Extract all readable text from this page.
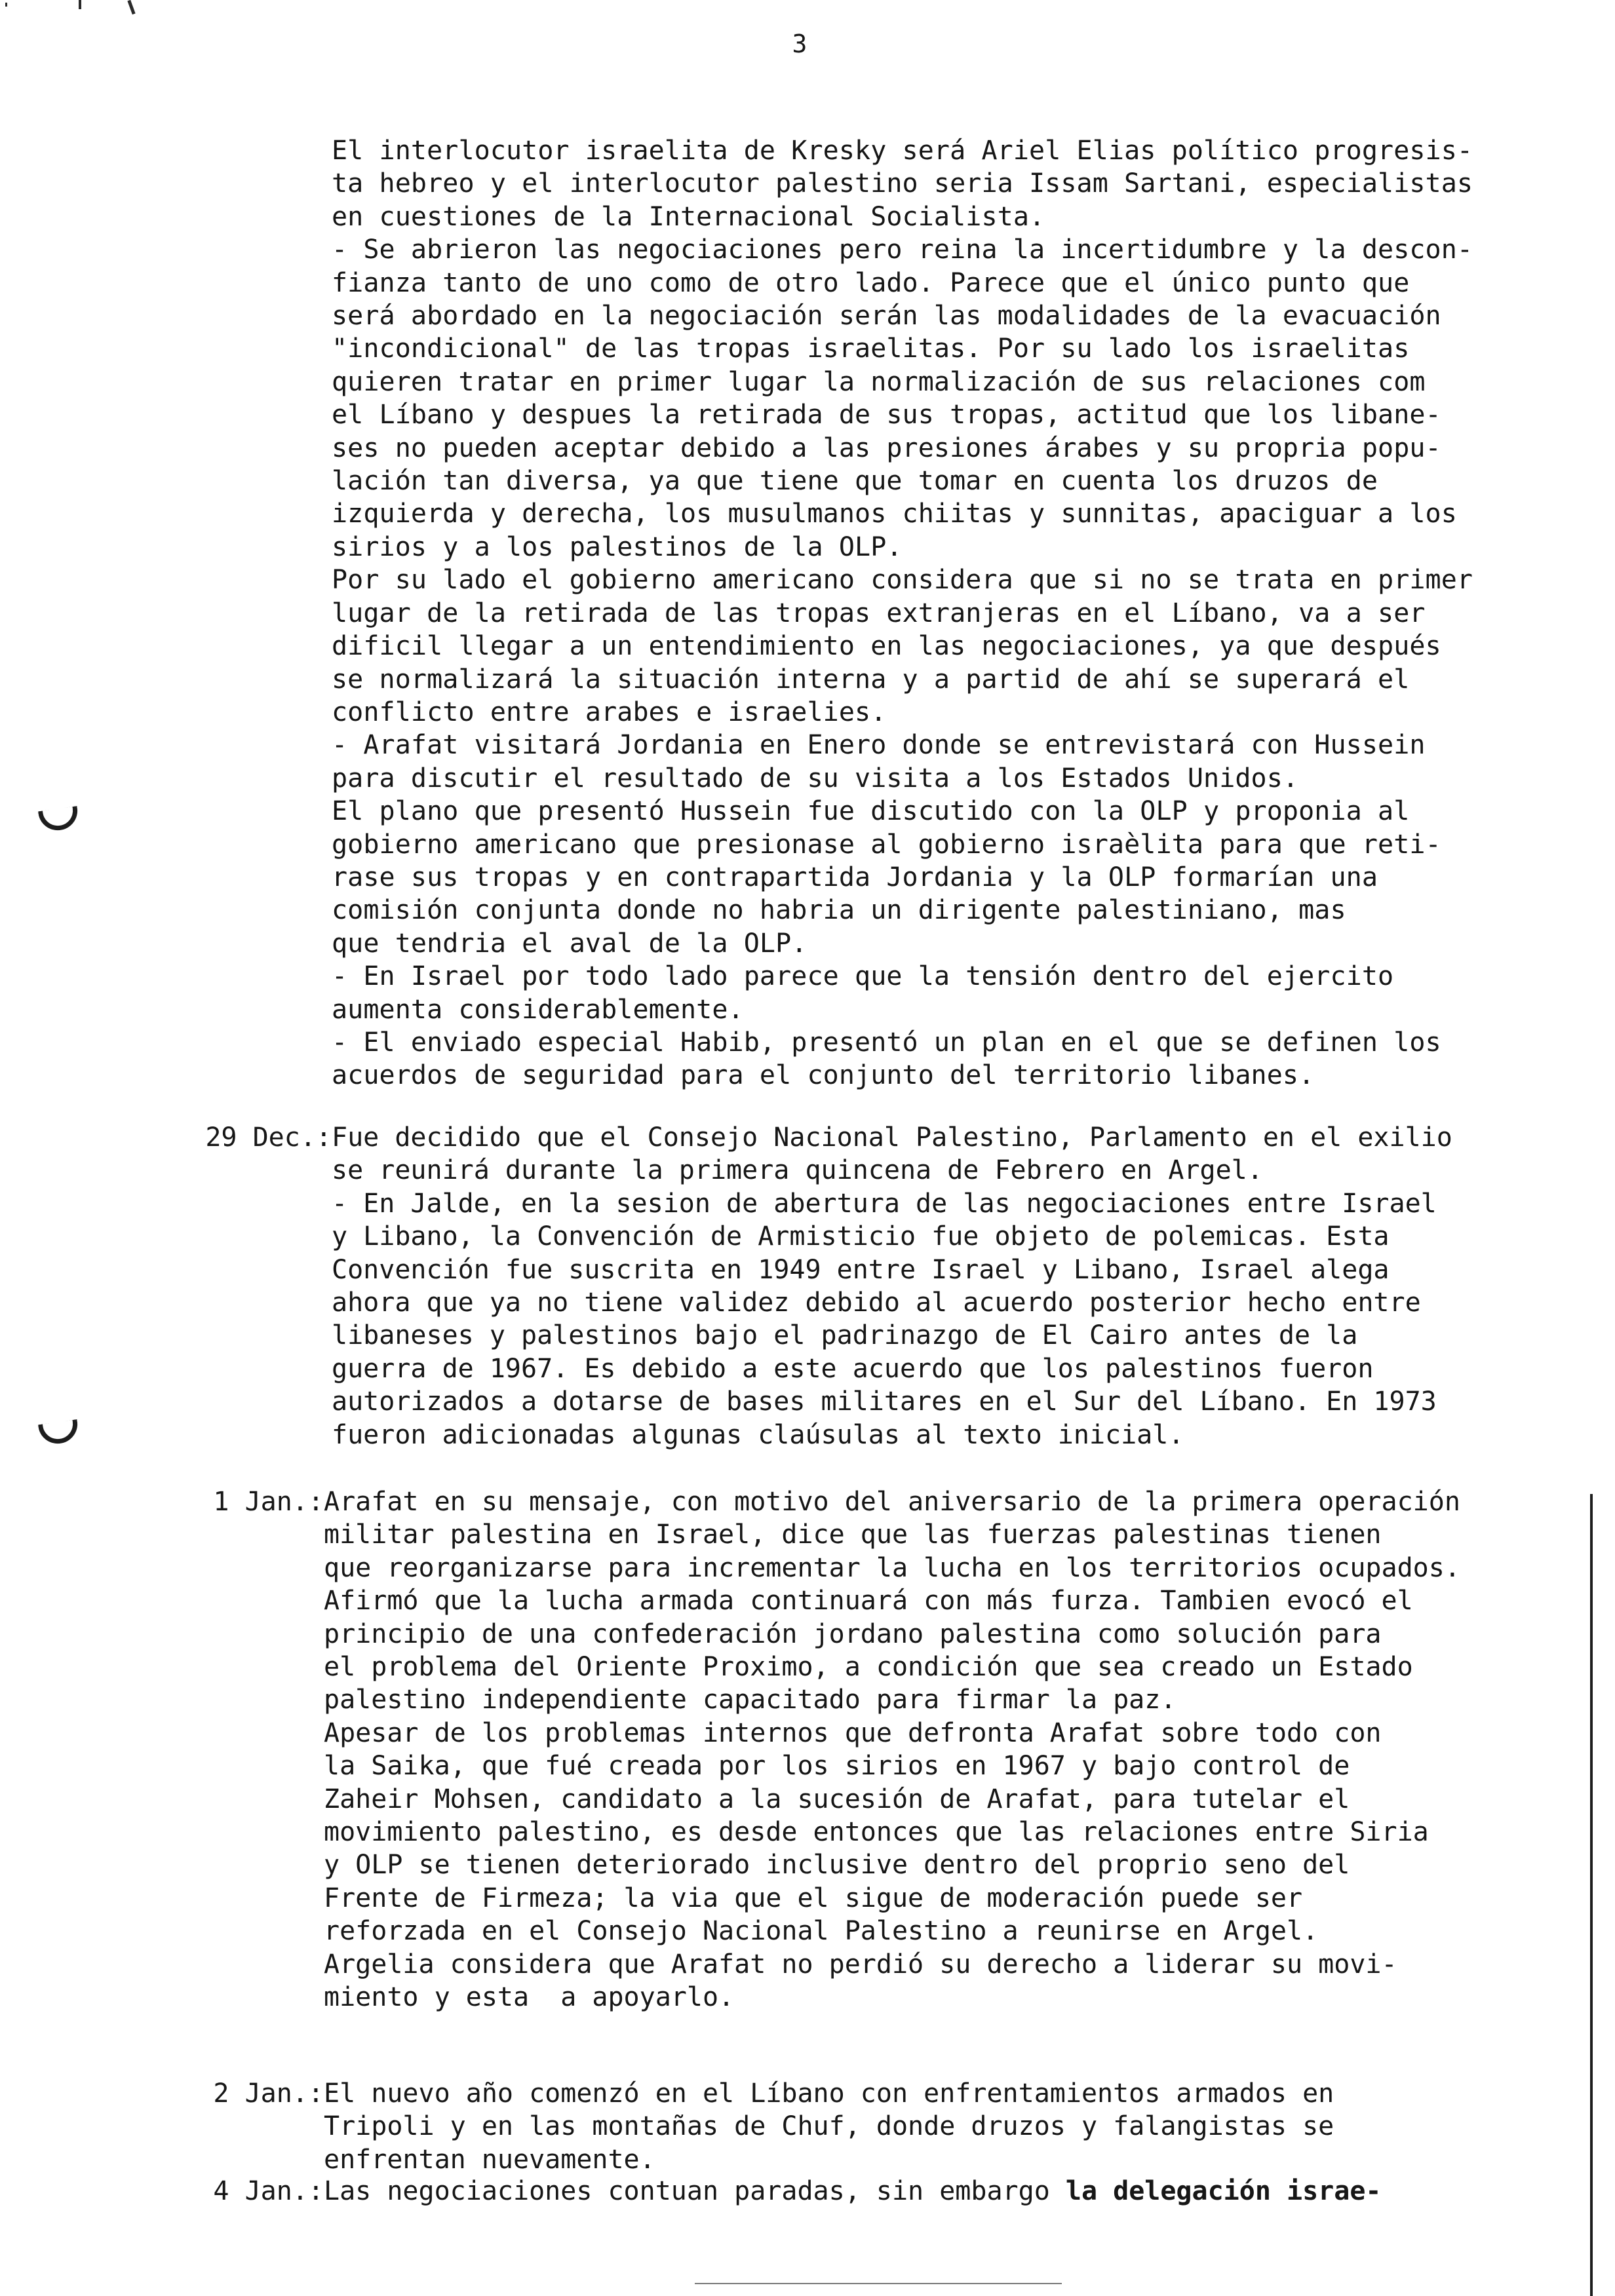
3
El interlocutor israelita de Kresky será Ariel Elias político progresis-
ta hebreo y el interlocutor palestino seria Issam Sartani, especialistas
en cuestiones de la Internacional Socialista.
- Se abrieron las negociaciones pero reina la incertidumbre y la descon-
fianza tanto de uno como de otro lado. Parece que el único punto que
será abordado en la negociación serán las modalidades de la evacuación
"incondicional" de las tropas israelitas. Por su lado los israelitas
quieren tratar en primer lugar la normalización de sus relaciones com
el Líbano y despues la retirada de sus tropas, actitud que los libane-
ses no pueden aceptar debido a las presiones árabes y su propria popu-
lación tan diversa, ya que tiene que tomar en cuenta los druzos de
izquierda y derecha, los musulmanos chiitas y sunnitas, apaciguar a los
sirios y a los palestinos de la OLP.
Por su lado el gobierno americano considera que si no se trata en primer
lugar de la retirada de las tropas extranjeras en el Líbano, va a ser
dificil llegar a un entendimiento en las negociaciones, ya que después
se normalizará la situación interna y a partid de ahí se superará el
conflicto entre arabes e israelies.
- Arafat visitará Jordania en Enero donde se entrevistará con Hussein
para discutir el resultado de su visita a los Estados Unidos.
El plano que presentó Hussein fue discutido con la OLP y proponia al
gobierno americano que presionase al gobierno israèlita para que reti-
rase sus tropas y en contrapartida Jordania y la OLP formarían una
comisión conjunta donde no habria un dirigente palestiniano, mas
que tendria el aval de la OLP.
- En Israel por todo lado parece que la tensión dentro del ejercito
aumenta considerablemente.
- El enviado especial Habib, presentó un plan en el que se definen los
acuerdos de seguridad para el conjunto del territorio libanes.
29 Dec.: Fue decidido que el Consejo Nacional Palestino, Parlamento en el exilio
se reunirá durante la primera quincena de Febrero en Argel.
- En Jalde, en la sesion de abertura de las negociaciones entre Israel
y Libano, la Convención de Armisticio fue objeto de polemicas. Esta
Convención fue suscrita en 1949 entre Israel y Libano, Israel alega
ahora que ya no tiene validez debido al acuerdo posterior hecho entre
libaneses y palestinos bajo el padrinazgo de El Cairo antes de la
guerra de 1967. Es debido a este acuerdo que los palestinos fueron
autorizados a dotarse de bases militares en el Sur del Líbano. En 1973
fueron adicionadas algunas claúsulas al texto inicial.
1 Jan.: Arafat en su mensaje, con motivo del aniversario de la primera operación
militar palestina en Israel, dice que las fuerzas palestinas tienen
que reorganizarse para incrementar la lucha en los territorios ocupados.
Afirmó que la lucha armada continuará con más furza. Tambien evocó el
principio de una confederación jordano palestina como solución para
el problema del Oriente Proximo, a condición que sea creado un Estado
palestino independiente capacitado para firmar la paz.
Apesar de los problemas internos que defronta Arafat sobre todo con
la Saika, que fué creada por los sirios en 1967 y bajo control de
Zaheir Mohsen, candidato a la sucesión de Arafat, para tutelar el
movimiento palestino, es desde entonces que las relaciones entre Siria
y OLP se tienen deteriorado inclusive dentro del proprio seno del
Frente de Firmeza; la via que el sigue de moderación puede ser
reforzada en el Consejo Nacional Palestino a reunirse en Argel.
Argelia considera que Arafat no perdió su derecho a liderar su movi-
miento y esta  a apoyarlo.
2 Jan.: El nuevo año comenzó en el Líbano con enfrentamientos armados en
Tripoli y en las montañas de Chuf, donde druzos y falangistas se
enfrentan nuevamente.
4 Jan.: Las negociaciones contuan paradas, sin embargo la delegación israe-
